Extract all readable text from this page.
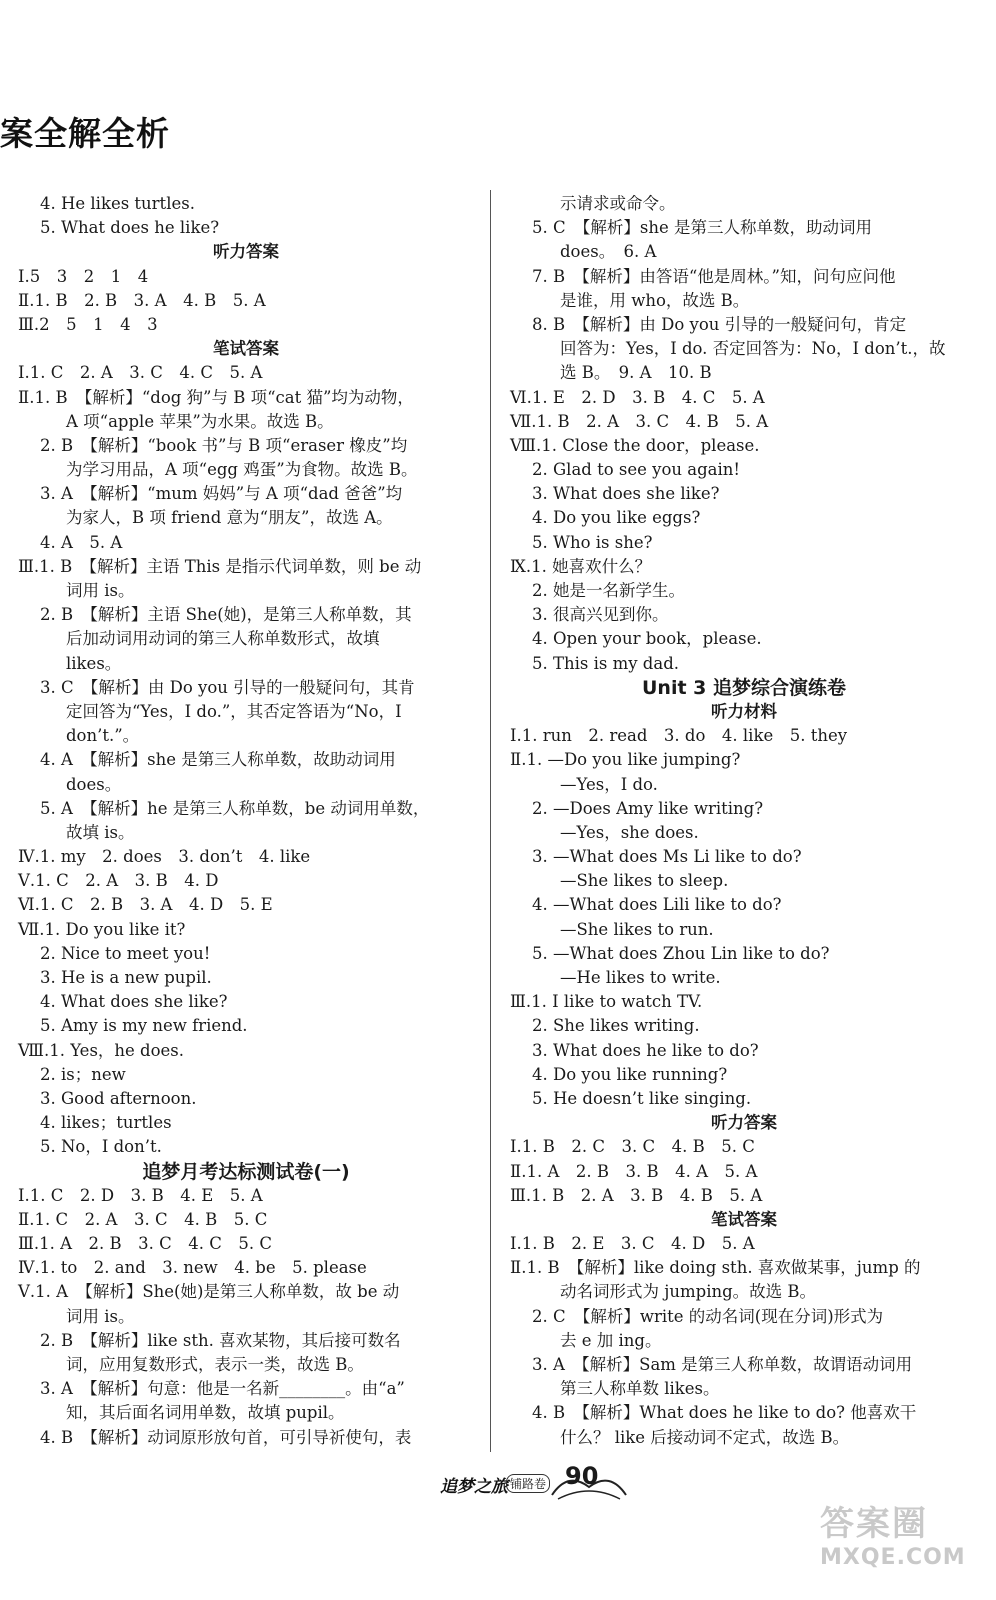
案全解全析
4. He likes turtles.
5. What does he like?
听力答案
Ⅰ.5　3　2　1　4
Ⅱ.1. B　2. B　3. A　4. B　5. A
Ⅲ.2　5　1　4　3
笔试答案
Ⅰ.1. C　2. A　3. C　4. C　5. A
Ⅱ.1. B　【解析】“dog 狗”与 B 项“cat 猫”均为动物，
A 项“apple 苹果”为水果。故选 B。
2. B　【解析】“book 书”与 B 项“eraser 橡皮”均
为学习用品，A 项“egg 鸡蛋”为食物。故选 B。
3. A　【解析】“mum 妈妈”与 A 项“dad 爸爸”均
为家人，B 项 friend 意为“朋友”，故选 A。
4. A　5. A
Ⅲ.1. B　【解析】主语 This 是指示代词单数，则 be 动
词用 is。
2. B　【解析】主语 She(她)，是第三人称单数，其
后加动词用动词的第三人称单数形式，故填
likes。
3. C　【解析】由 Do you 引导的一般疑问句，其肯
定回答为“Yes，I do.”，其否定答语为“No，I
don’t.”。
4. A　【解析】she 是第三人称单数，故助动词用
does。
5. A　【解析】he 是第三人称单数，be 动词用单数，
故填 is。
Ⅳ.1. my　2. does　3. don’t　4. like
Ⅴ.1. C　2. A　3. B　4. D
Ⅵ.1. C　2. B　3. A　4. D　5. E
Ⅶ.1. Do you like it?
2. Nice to meet you!
3. He is a new pupil.
4. What does she like?
5. Amy is my new friend.
Ⅷ.1. Yes，he does.
2. is；new
3. Good afternoon.
4. likes；turtles
5. No，I don’t.
追梦月考达标测试卷(一)
Ⅰ.1. C　2. D　3. B　4. E　5. A
Ⅱ.1. C　2. A　3. C　4. B　5. C
Ⅲ.1. A　2. B　3. C　4. C　5. C
Ⅳ.1. to　2. and　3. new　4. be　5. please
Ⅴ.1. A　【解析】She(她)是第三人称单数，故 be 动
词用 is。
2. B　【解析】like sth. 喜欢某物，其后接可数名
词，应用复数形式，表示一类，故选 B。
3. A　【解析】句意：他是一名新________。由“a”
知，其后面名词用单数，故填 pupil。
4. B　【解析】动词原形放句首，可引导祈使句，表
示请求或命令。
5. C　【解析】she 是第三人称单数，助动词用
does。　6. A
7. B　【解析】由答语“他是周林。”知，问句应问他
是谁，用 who，故选 B。
8. B　【解析】由 Do you 引导的一般疑问句，肯定
回答为：Yes，I do. 否定回答为：No，I don’t.，故
选 B。　9. A　10. B
Ⅵ.1. E　2. D　3. B　4. C　5. A
Ⅶ.1. B　2. A　3. C　4. B　5. A
Ⅷ.1. Close the door，please.
2. Glad to see you again!
3. What does she like?
4. Do you like eggs?
5. Who is she?
Ⅸ.1. 她喜欢什么？
2. 她是一名新学生。
3. 很高兴见到你。
4. Open your book，please.
5. This is my dad.
Unit 3 追梦综合演练卷
听力材料
Ⅰ.1. run　2. read　3. do　4. like　5. they
Ⅱ.1. —Do you like jumping?
—Yes，I do.
2. —Does Amy like writing?
—Yes，she does.
3. —What does Ms Li like to do?
—She likes to sleep.
4. —What does Lili like to do?
—She likes to run.
5. —What does Zhou Lin like to do?
—He likes to write.
Ⅲ.1. I like to watch TV.
2. She likes writing.
3. What does he like to do?
4. Do you like running?
5. He doesn’t like singing.
听力答案
Ⅰ.1. B　2. C　3. C　4. B　5. C
Ⅱ.1. A　2. B　3. B　4. A　5. A
Ⅲ.1. B　2. A　3. B　4. B　5. A
笔试答案
Ⅰ.1. B　2. E　3. C　4. D　5. A
Ⅱ.1. B　【解析】like doing sth. 喜欢做某事，jump 的
动名词形式为 jumping。故选 B。
2. C　【解析】write 的动名词(现在分词)形式为
去 e 加 ing。
3. A　【解析】Sam 是第三人称单数，故谓语动词用
第三人称单数 likes。
4. B　【解析】What does he like to do? 他喜欢干
什么？ like 后接动词不定式，故选 B。
追梦之旅 铺路卷 90
答案圈
MXQE.COM
